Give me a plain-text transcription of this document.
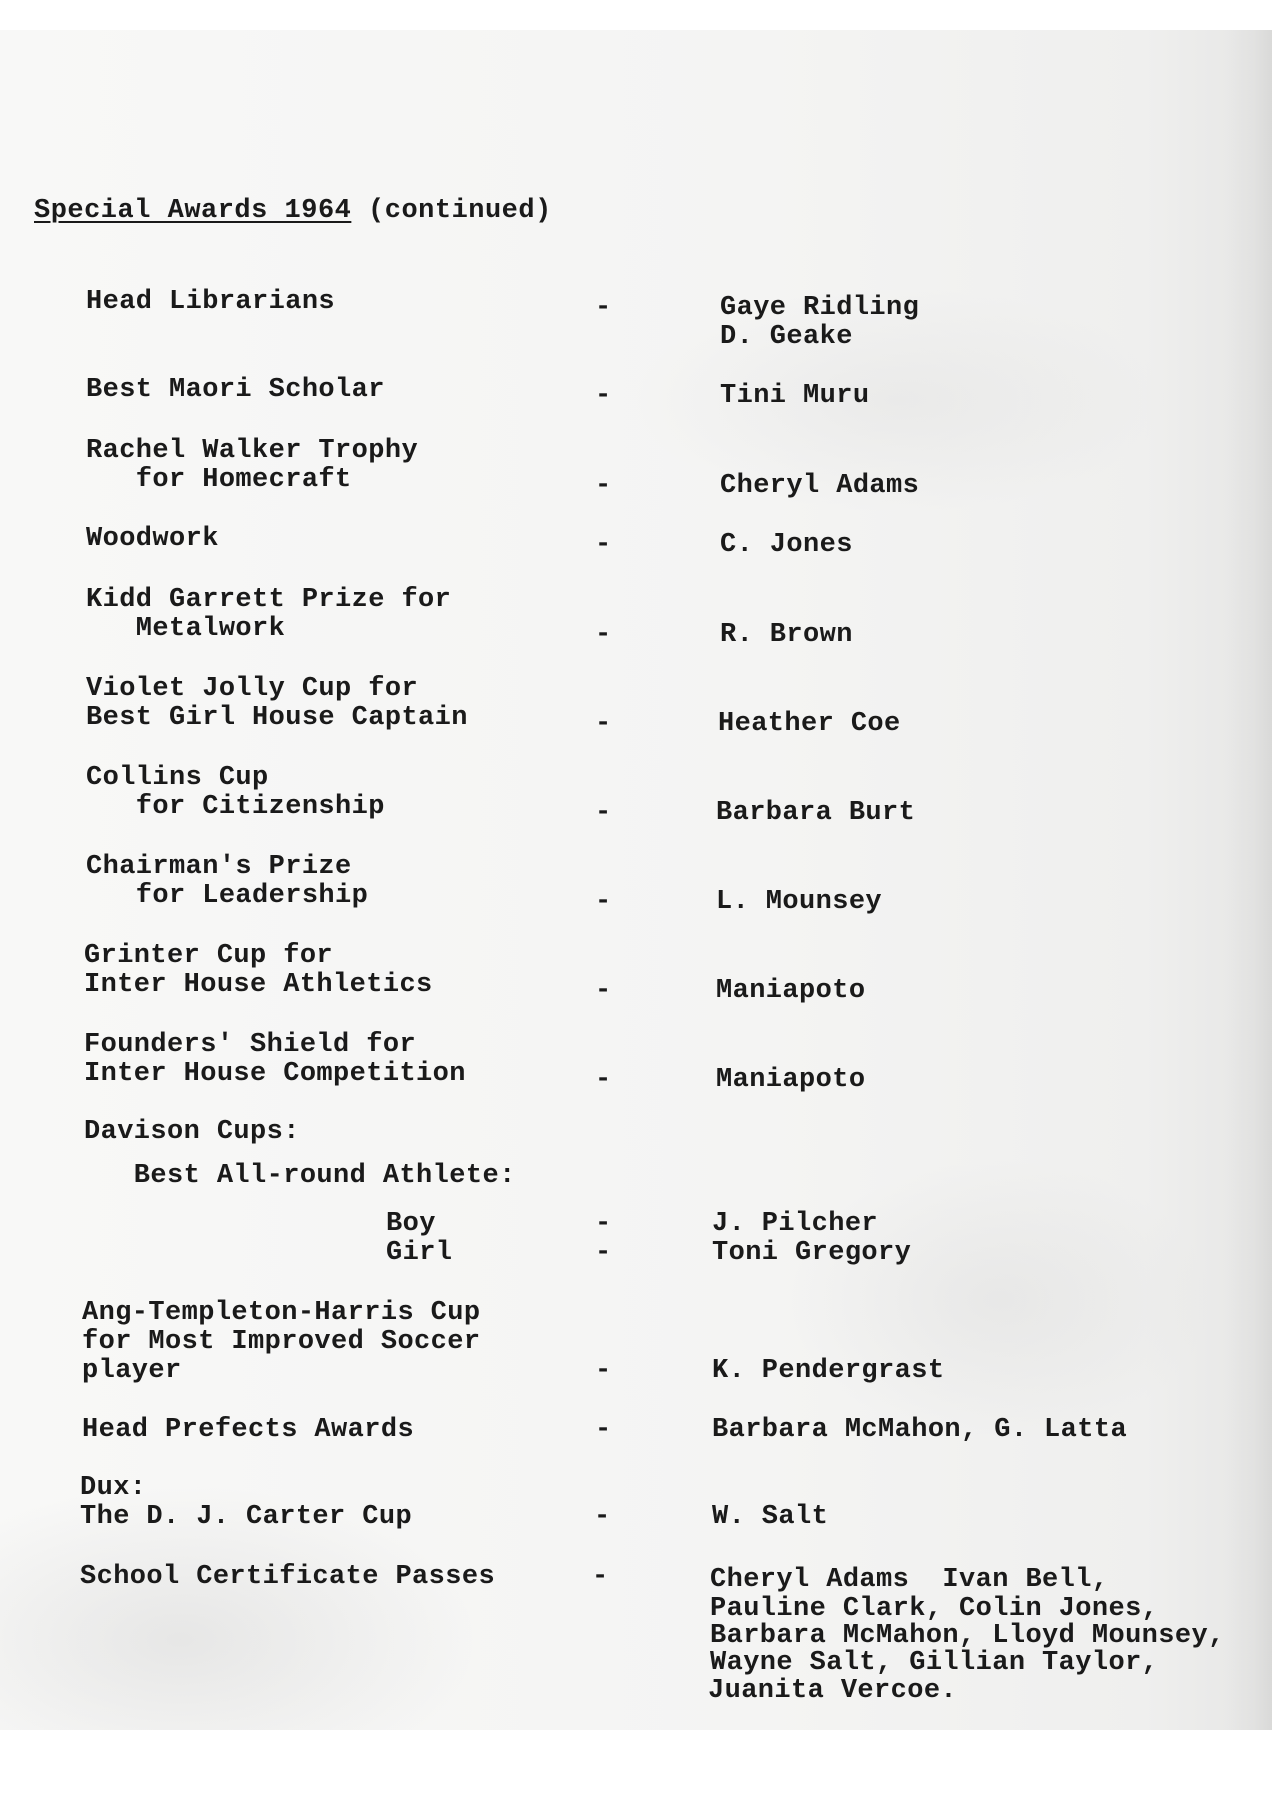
Special Awards 1964 (continued)
Head Librarians	-	Gaye Ridling
D. Geake
Best Maori Scholar	-	Tini Muru
Rachel Walker Trophy
for Homecraft	-	Cheryl Adams
Woodwork	-	C. Jones
Kidd Garrett Prize for
Metalwork	-	R. Brown
Violet Jolly Cup for
Best Girl House Captain	-	Heather Coe
Collins Cup
for Citizenship	-	Barbara Burt
Chairman's Prize
for Leadership	-	L. Mounsey
Grinter Cup for
Inter House Athletics	-	Maniapoto
Founders' Shield for
Inter House Competition	-	Maniapoto
Davison Cups:
Best All-round Athlete:
Boy	-	J. Pilcher
Girl	-	Toni Gregory
Ang-Templeton-Harris Cup
for Most Improved Soccer
player	-	K. Pendergrast
Head Prefects Awards	-	Barbara McMahon, G. Latta
Dux:
The D. J. Carter Cup	-	W. Salt
School Certificate Passes	-	Cheryl Adams  Ivan Bell,
Pauline Clark, Colin Jones,
Barbara McMahon, Lloyd Mounsey,
Wayne Salt, Gillian Taylor,
Juanita Vercoe.
